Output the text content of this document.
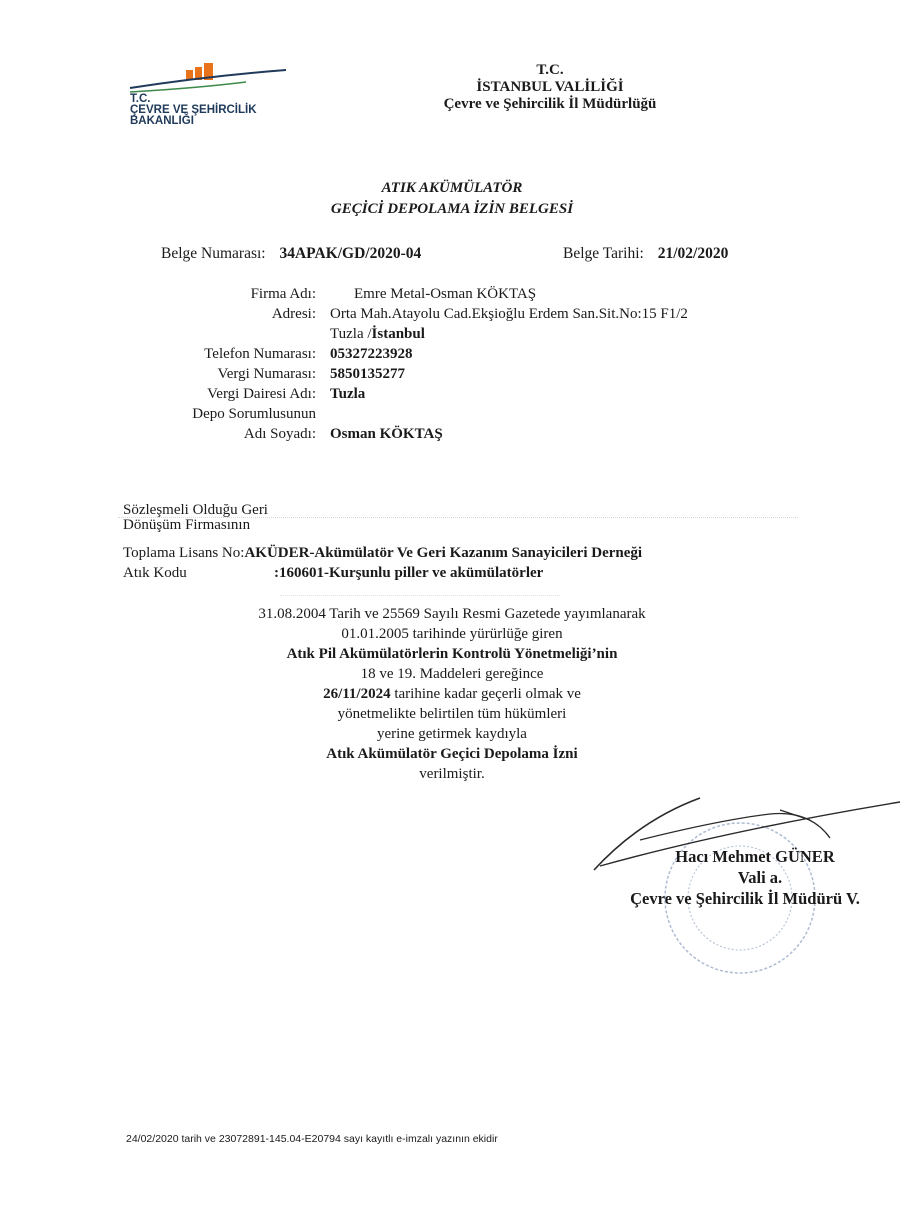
T.C.
ÇEVRE VE ŞEHİRCİLİK
BAKANLIĞI
T.C.
İSTANBUL VALİLİĞİ
Çevre ve Şehircilik İl Müdürlüğü
ATIK AKÜMÜLATÖR
GEÇİCİ DEPOLAMA İZİN BELGESİ
Belge Numarası: 34APAK/GD/2020-04	Belge Tarihi: 21/02/2020
Firma Adı:	Emre Metal-Osman KÖKTAŞ
Adresi: Orta Mah.Atayolu Cad.Ekşioğlu Erdem San.Sit.No:15 F1/2
Tuzla /İstanbul
Telefon Numarası: 05327223928
Vergi Numarası: 5850135277
Vergi Dairesi Adı: Tuzla
Depo Sorumlusunun
Adı Soyadı: Osman KÖKTAŞ
Sözleşmeli Olduğu Geri
Dönüşüm Firmasının
Toplama Lisans No:AKÜDER-Akümülatör Ve Geri Kazanım Sanayicileri Derneği
Atık Kodu	:160601-Kurşunlu piller ve akümülatörler
31.08.2004 Tarih ve 25569 Sayılı Resmi Gazetede yayımlanarak
01.01.2005 tarihinde yürürlüğe giren
Atık Pil Akümülatörlerin Kontrolü Yönetmeliği’nin
18 ve 19. Maddeleri gereğince
26/11/2024 tarihine kadar geçerli olmak ve
yönetmelikte belirtilen tüm hükümleri
yerine getirmek kaydıyla
Atık Akümülatör Geçici Depolama İzni
verilmiştir.
Hacı Mehmet GÜNER
Vali a.
Çevre ve Şehircilik İl Müdürü V.
24/02/2020 tarih ve 23072891-145.04-E20794 sayı kayıtlı e-imzalı yazının ekidir
